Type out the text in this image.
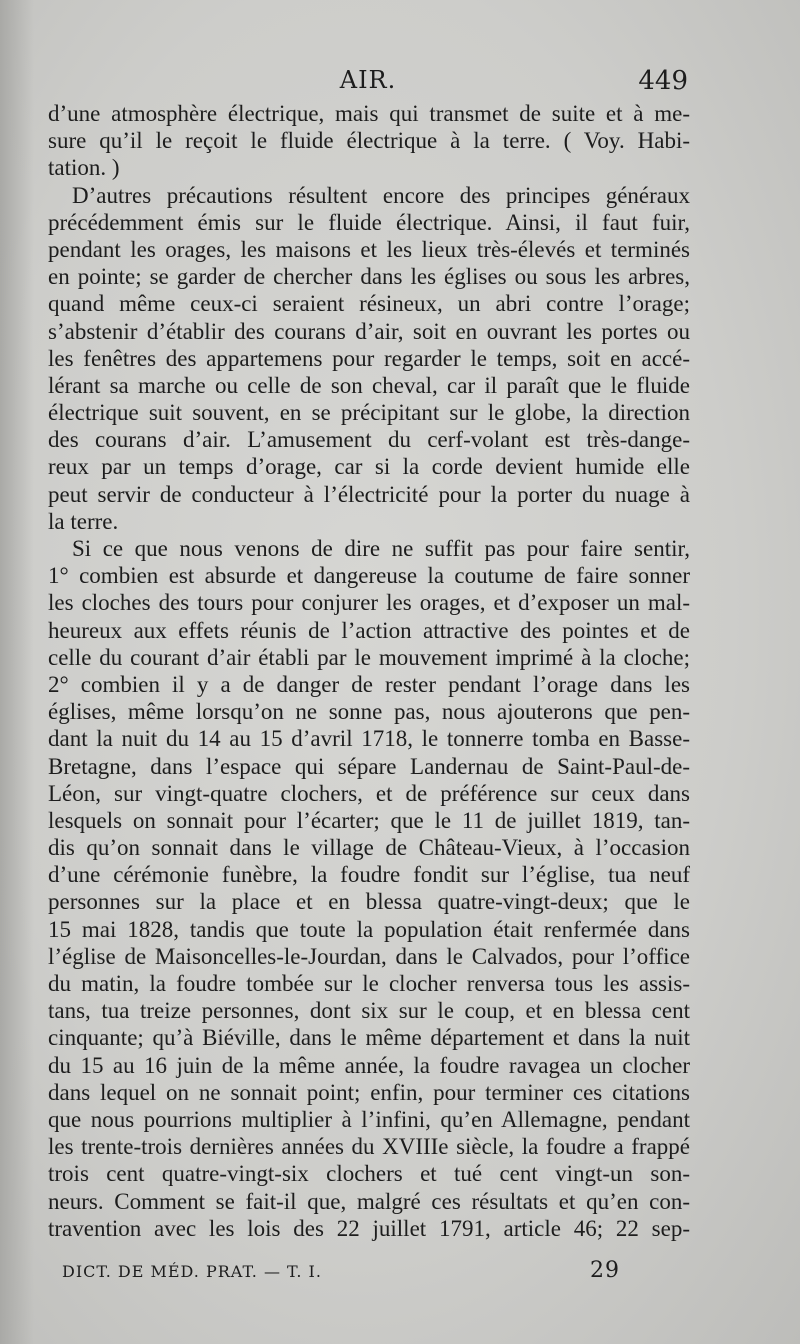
AIR.	449
d’une atmosphère électrique, mais qui transmet de suite et à me-
sure qu’il le reçoit le fluide électrique à la terre. ( Voy. Habi-
tation. )
D’autres précautions résultent encore des principes généraux
précédemment émis sur le fluide électrique. Ainsi, il faut fuir,
pendant les orages, les maisons et les lieux très-élevés et terminés
en pointe; se garder de chercher dans les églises ou sous les arbres,
quand même ceux-ci seraient résineux, un abri contre l’orage;
s’abstenir d’établir des courans d’air, soit en ouvrant les portes ou
les fenêtres des appartemens pour regarder le temps, soit en accé-
lérant sa marche ou celle de son cheval, car il paraît que le fluide
électrique suit souvent, en se précipitant sur le globe, la direction
des courans d’air. L’amusement du cerf-volant est très-dange-
reux par un temps d’orage, car si la corde devient humide elle
peut servir de conducteur à l’électricité pour la porter du nuage à
la terre.
Si ce que nous venons de dire ne suffit pas pour faire sentir,
1° combien est absurde et dangereuse la coutume de faire sonner
les cloches des tours pour conjurer les orages, et d’exposer un mal-
heureux aux effets réunis de l’action attractive des pointes et de
celle du courant d’air établi par le mouvement imprimé à la cloche;
2° combien il y a de danger de rester pendant l’orage dans les
églises, même lorsqu’on ne sonne pas, nous ajouterons que pen-
dant la nuit du 14 au 15 d’avril 1718, le tonnerre tomba en Basse-
Bretagne, dans l’espace qui sépare Landernau de Saint-Paul-de-
Léon, sur vingt-quatre clochers, et de préférence sur ceux dans
lesquels on sonnait pour l’écarter; que le 11 de juillet 1819, tan-
dis qu’on sonnait dans le village de Château-Vieux, à l’occasion
d’une cérémonie funèbre, la foudre fondit sur l’église, tua neuf
personnes sur la place et en blessa quatre-vingt-deux; que le
15 mai 1828, tandis que toute la population était renfermée dans
l’église de Maisoncelles-le-Jourdan, dans le Calvados, pour l’office
du matin, la foudre tombée sur le clocher renversa tous les assis-
tans, tua treize personnes, dont six sur le coup, et en blessa cent
cinquante; qu’à Biéville, dans le même département et dans la nuit
du 15 au 16 juin de la même année, la foudre ravagea un clocher
dans lequel on ne sonnait point; enfin, pour terminer ces citations
que nous pourrions multiplier à l’infini, qu’en Allemagne, pendant
les trente-trois dernières années du XVIIIe siècle, la foudre a frappé
trois cent quatre-vingt-six clochers et tué cent vingt-un son-
neurs. Comment se fait-il que, malgré ces résultats et qu’en con-
travention avec les lois des 22 juillet 1791, article 46; 22 sep-
DICT. DE MÉD. PRAT. — T. I.	29
